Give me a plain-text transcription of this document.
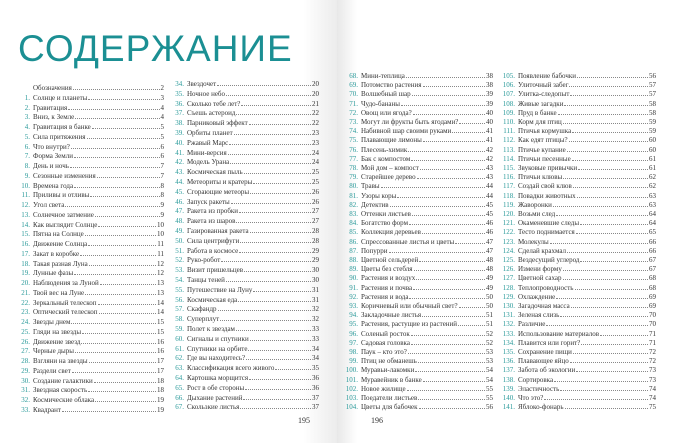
СОДЕРЖАНИЕ
195	196
Обозначения	2
1. Солнце и планеты	3
2. Гравитация	4
3. Вниз, к Земле	4
4. Гравитация в банке	5
5. Сила притяжения	5
6. Что внутри?	6
7. Форма Земли	6
8. День и ночь	7
9. Сезонные изменения	7
10. Времена года	8
11. Приливы и отливы	8
12. Угол света	9
13. Солнечное затмение	9
14. Как выглядит Солнце	10
15. Пятна на Солнце	10
16. Движение Солнца	11
17. Закат в коробке	11
18. Такая разная Луна	12
19. Лунные фазы	12
20. Наблюдения за Луной	13
21. Твой вес на Луне	13
22. Зеркальный телескоп	14
23. Оптический телескоп	14
24. Звезды днем	15
25. Гляди на звезды	15
26. Движение звезд	16
27. Черные дыры	16
28. Взгляни на звезды	17
29. Раздели свет	17
30. Создание галактики	18
31. Звездная скорость	18
32. Космические облака	19
33. Квадрант	19
34. Звездочет	20
35. Ночное небо	20
36. Сколько тебе лет?	21
37. Съешь астероид	22
38. Парниковый эффект	22
39. Орбиты планет	23
40. Ржавый Марс	23
41. Мини-версия	24
42. Модель Урана	24
43. Космическая пыль	25
44. Метеориты и кратеры	25
45. Сгорающие метеоры	26
46. Запуск ракеты	26
47. Ракета из пробки	27
48. Ракета из шаров	27
49. Газированная ракета	28
50. Сила центрифуги	28
51. Работа в космосе	29
52. Руко-робот	29
53. Визит пришельцев	30
54. Танцы теней	30
55. Путешествие на Луну	31
56. Космическая еда	31
57. Скафандр	32
58. Суперплут	32
59. Полет к звездам	33
60. Сигналы и спутники	33
61. Спутники на орбите	34
62. Где вы находитесь?	34
63. Классификация всего живого	35
64. Картошка морщится	36
65. Рост в обе стороны	36
66. Дыхание растений	37
67. Скользкие листья	37
68. Мини-теплица	38
69. Потомство растения	38
70. Волшебный шар	39
71. Чудо-бананы	39
72. Овощ или ягода?	40
73. Могут ли фрукты быть ягодами?	40
74. Набивной шар своими руками	41
75. Плавающие лимоны	41
76. Плесень-химик	42
77. Бак с компостом	42
78. Мой дом – компост	43
79. Старейшее дерево	43
80. Травы	44
81. Узоры коры	44
82. Детектив	45
83. Оттенки листьев	45
84. Богатство форм	46
85. Коллекция деревьев	46
86. Спрессованные листья и цветы	47
87. Попурри	47
88. Цветной сельдерей	48
89. Цветы без стебля	48
90. Растения и воздух	49
91. Растения и почва	49
92. Растения и вода	50
93. Коричневый или обычный свет?	50
94. Закладочные листья	51
95. Растения, растущие из растений	51
96. Соленый росток	52
97. Садовая головка	52
98. Паук – кто это?	53
99. Птиц не обманешь	53
100. Муравьи-лакомки	54
101. Муравейник в банке	54
102. Новое жилище	55
103. Поедатели листьев	55
104. Цветы для бабочек	56
105. Появление бабочки	56
106. Улиточный забег	57
107. Улитка-следопыт	57
108. Живые загадки	58
109. Пруд в банке	58
110. Корм для птиц	59
111. Птичья кормушка	59
112. Как едят птицы?	60
113. Птичье купание	60
114. Птичьи песенные	61
115. Звуковые привычки	61
116. Птичьи клювы	62
117. Создай свой клюв	62
118. Повадки животных	63
119. Жаворонки	63
120. Возьми след	64
121. Окаменевшие следы	64
122. Тесто поднимается	65
123. Молекулы	66
124. Сделай крахмал	66
125. Вездесущий углерод	67
126. Измени форму	67
127. Цветной сахар	68
128. Теплопроводность	68
129. Охлаждение	69
130. Загадочная масса	69
131. Зеленая слизь	70
132. Различие	70
133. Использование материалов	71
134. Плавится или горит?	71
135. Сохранение пищи	72
136. Плавающее яйцо	72
137. Забота об экологии	73
138. Сортировка	73
139. Эластичность	74
140. Что это?	74
141. Яблоко-фонарь	75
